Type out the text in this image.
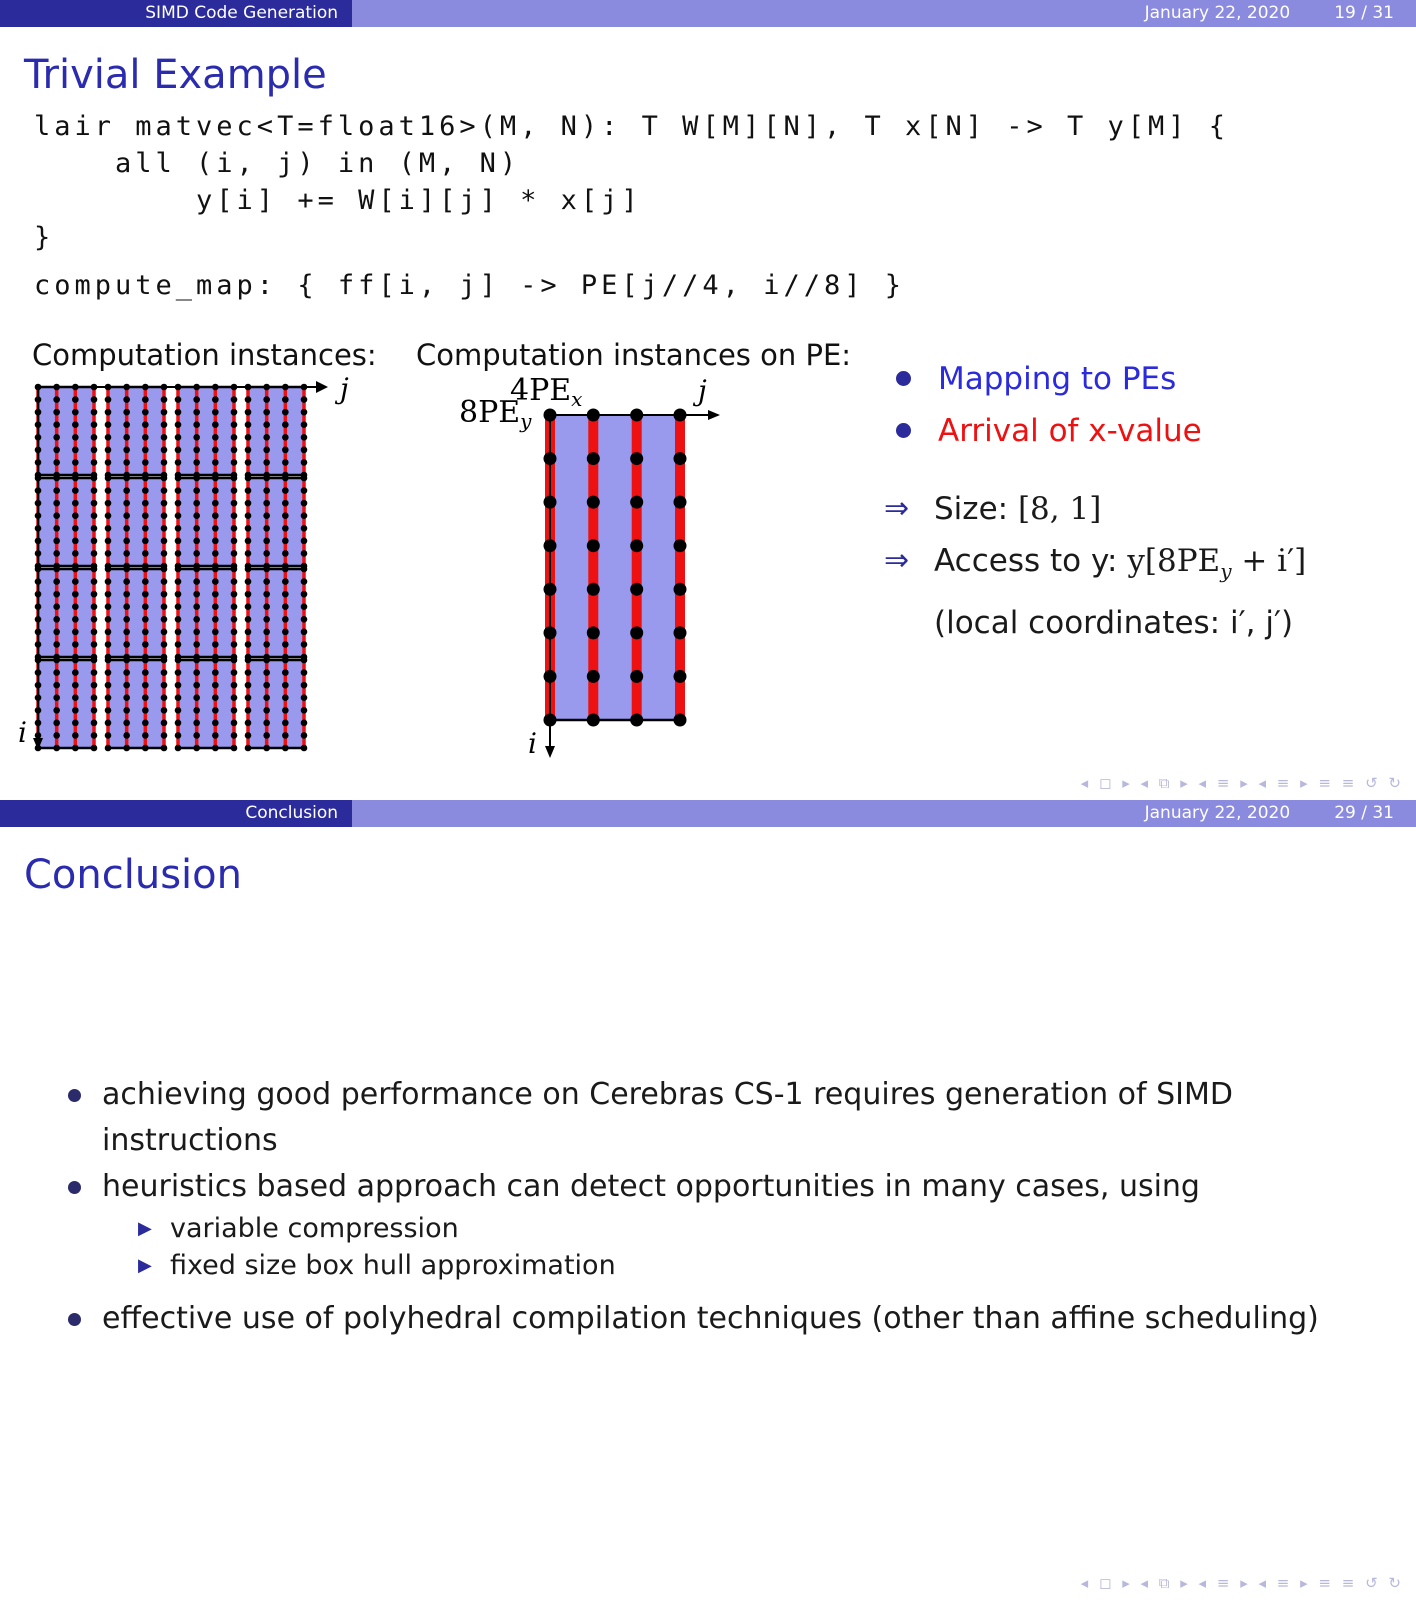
SIMD Code Generation	January 22, 2020	19 / 31
Trivial Example
lair matvec<T=float16>(M, N): T W[M][N], T x[N] -> T y[M] {
all (i, j) in (M, N)
y[i] += W[i][j] * x[j]
}
compute_map: { ff[i, j] -> PE[j//4, i//8] }
Computation instances: Computation instances on PE:
j
i
$4PE_x$
$8PE_y$
j
i
Mapping to PEs
Arrival of x-value
⇒ Size: [8, 1]
⇒ Access to y: $y[8PE_y + i']$
(local coordinates: i′, j′)
◂ ◻ ▸ ◂ ⧉ ▸ ◂ ≡ ▸ ◂ ≡ ▸ ≡ ≡ ↺ ↻
Conclusion	January 22, 2020	29 / 31
Conclusion
achieving good performance on Cerebras CS-1 requires generation of SIMD instructions
heuristics based approach can detect opportunities in many cases, using
▶ variable compression
▶ fixed size box hull approximation
effective use of polyhedral compilation techniques (other than affine scheduling)
◂ ◻ ▸ ◂ ⧉ ▸ ◂ ≡ ▸ ◂ ≡ ▸ ≡ ≡ ↺ ↻
